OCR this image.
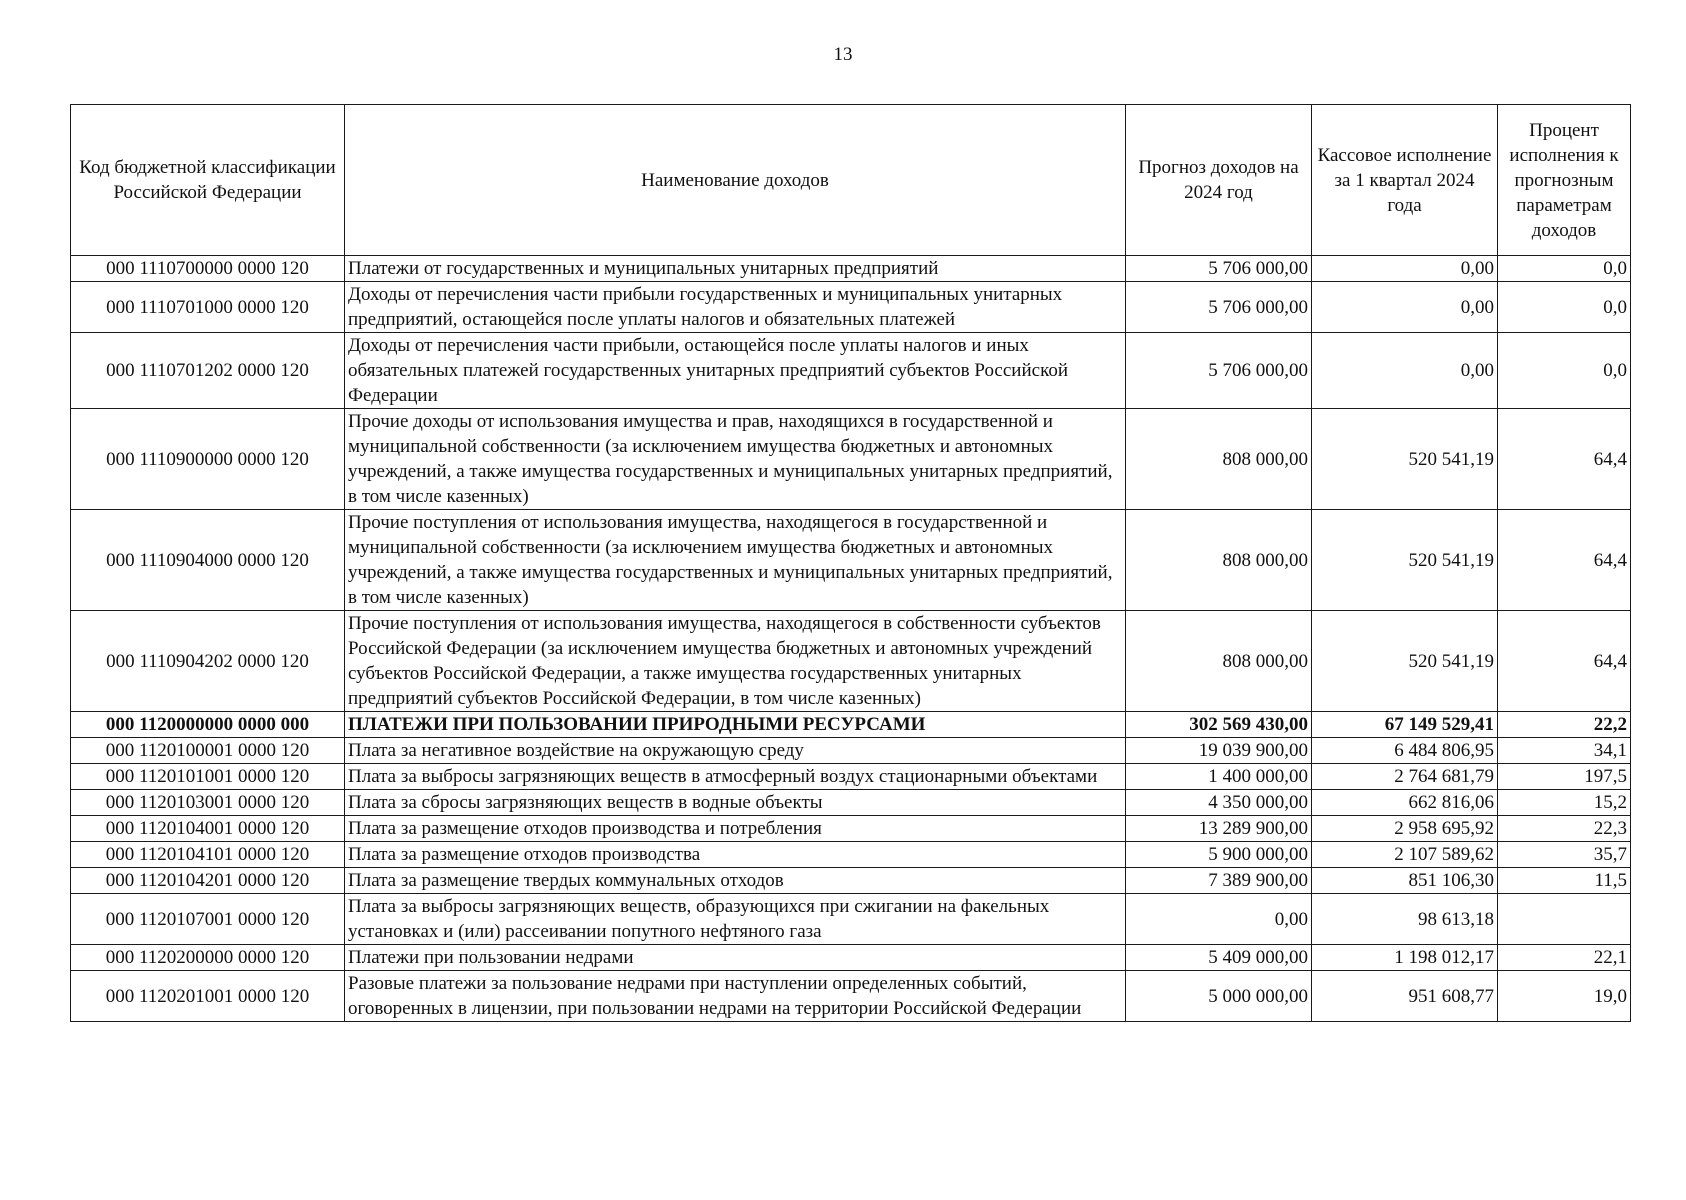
13
Код бюджетной классификации Российской Федерации	Наименование доходов	Прогноз доходов на 2024 год	Кассовое исполнение за 1 квартал 2024 года	Процент исполнения к прогнозным параметрам доходов
000 1110700000 0000 120	Платежи от государственных и муниципальных унитарных предприятий	5 706 000,00	0,00	0,0
000 1110701000 0000 120	Доходы от перечисления части прибыли государственных и муниципальных унитарных предприятий, остающейся после уплаты налогов и обязательных платежей	5 706 000,00	0,00	0,0
000 1110701202 0000 120	Доходы от перечисления части прибыли, остающейся после уплаты налогов и иных обязательных платежей государственных унитарных предприятий субъектов Российской Федерации	5 706 000,00	0,00	0,0
000 1110900000 0000 120	Прочие доходы от использования имущества и прав, находящихся в государственной и муниципальной собственности (за исключением имущества бюджетных и автономных учреждений, а также имущества государственных и муниципальных унитарных предприятий, в том числе казенных)	808 000,00	520 541,19	64,4
000 1110904000 0000 120	Прочие поступления от использования имущества, находящегося в государственной и муниципальной собственности (за исключением имущества бюджетных и автономных учреждений, а также имущества государственных и муниципальных унитарных предприятий, в том числе казенных)	808 000,00	520 541,19	64,4
000 1110904202 0000 120	Прочие поступления от использования имущества, находящегося в собственности субъектов Российской Федерации (за исключением имущества бюджетных и автономных учреждений субъектов Российской Федерации, а также имущества государственных унитарных предприятий субъектов Российской Федерации, в том числе казенных)	808 000,00	520 541,19	64,4
000 1120000000 0000 000	ПЛАТЕЖИ ПРИ ПОЛЬЗОВАНИИ ПРИРОДНЫМИ РЕСУРСАМИ	302 569 430,00	67 149 529,41	22,2
000 1120100001 0000 120	Плата за негативное воздействие на окружающую среду	19 039 900,00	6 484 806,95	34,1
000 1120101001 0000 120	Плата за выбросы загрязняющих веществ в атмосферный воздух стационарными объектами	1 400 000,00	2 764 681,79	197,5
000 1120103001 0000 120	Плата за сбросы загрязняющих веществ в водные объекты	4 350 000,00	662 816,06	15,2
000 1120104001 0000 120	Плата за размещение отходов производства и потребления	13 289 900,00	2 958 695,92	22,3
000 1120104101 0000 120	Плата за размещение отходов производства	5 900 000,00	2 107 589,62	35,7
000 1120104201 0000 120	Плата за размещение твердых коммунальных отходов	7 389 900,00	851 106,30	11,5
000 1120107001 0000 120	Плата за выбросы загрязняющих веществ, образующихся при сжигании на факельных установках и (или) рассеивании попутного нефтяного газа	0,00	98 613,18	
000 1120200000 0000 120	Платежи при пользовании недрами	5 409 000,00	1 198 012,17	22,1
000 1120201001 0000 120	Разовые платежи за пользование недрами при наступлении определенных событий, оговоренных в лицензии, при пользовании недрами на территории Российской Федерации	5 000 000,00	951 608,77	19,0
